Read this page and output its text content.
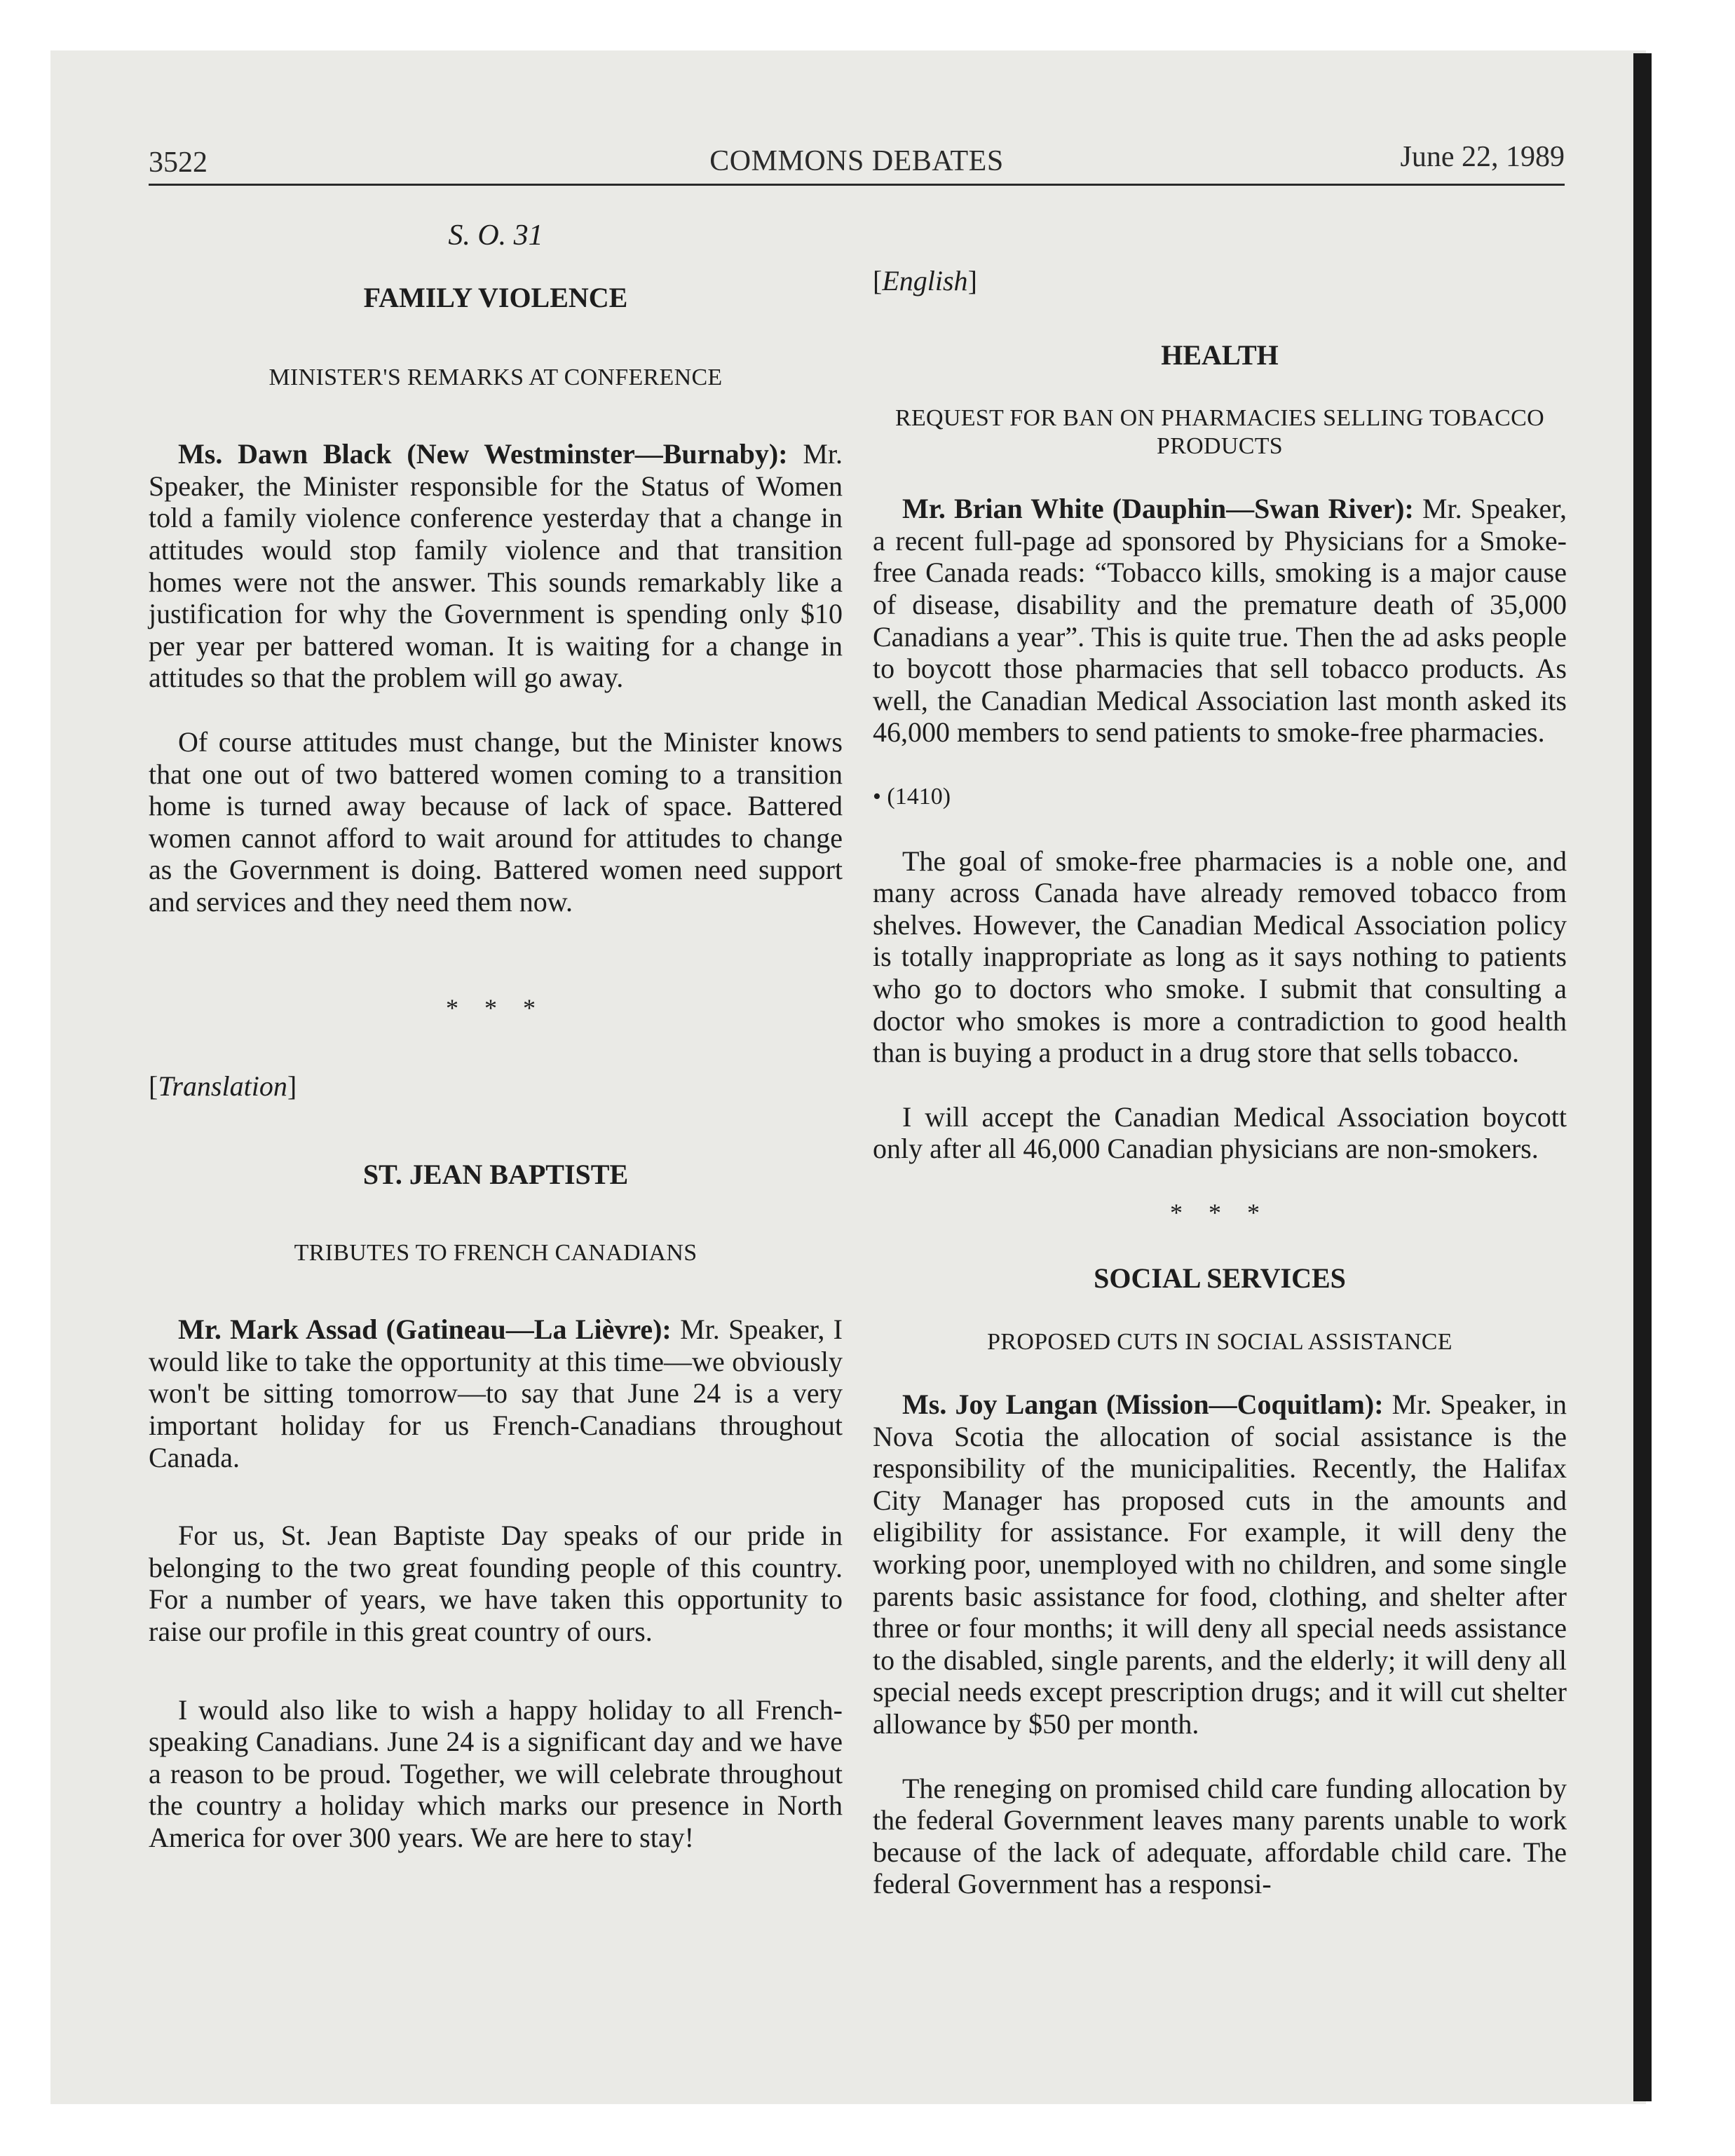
3522	COMMONS DEBATES	June 22, 1989

S. O. 31

FAMILY VIOLENCE

MINISTER'S REMARKS AT CONFERENCE

Ms. Dawn Black (New Westminster—Burnaby): Mr. Speaker, the Minister responsible for the Status of Women told a family violence conference yesterday that a change in attitudes would stop family violence and that transition homes were not the answer. This sounds remarkably like a justification for why the Government is spending only $10 per year per battered woman. It is waiting for a change in attitudes so that the problem will go away.

Of course attitudes must change, but the Minister knows that one out of two battered women coming to a transition home is turned away because of lack of space. Battered women cannot afford to wait around for attitudes to change as the Government is doing. Battered women need support and services and they need them now.

* * *

[Translation]

ST. JEAN BAPTISTE

TRIBUTES TO FRENCH CANADIANS

Mr. Mark Assad (Gatineau—La Lièvre): Mr. Speaker, I would like to take the opportunity at this time—we obviously won't be sitting tomorrow—to say that June 24 is a very important holiday for us French-Canadians throughout Canada.

For us, St. Jean Baptiste Day speaks of our pride in belonging to the two great founding people of this country. For a number of years, we have taken this opportunity to raise our profile in this great country of ours.

I would also like to wish a happy holiday to all French-speaking Canadians. June 24 is a significant day and we have a reason to be proud. Together, we will celebrate throughout the country a holiday which marks our presence in North America for over 300 years. We are here to stay!

[English]

HEALTH

REQUEST FOR BAN ON PHARMACIES SELLING TOBACCO PRODUCTS

Mr. Brian White (Dauphin—Swan River): Mr. Speaker, a recent full-page ad sponsored by Physicians for a Smoke-free Canada reads: “Tobacco kills, smoking is a major cause of disease, disability and the premature death of 35,000 Canadians a year”. This is quite true. Then the ad asks people to boycott those pharmacies that sell tobacco products. As well, the Canadian Medical Association last month asked its 46,000 members to send patients to smoke-free pharmacies.

• (1410)

The goal of smoke-free pharmacies is a noble one, and many across Canada have already removed tobacco from shelves. However, the Canadian Medical Association policy is totally inappropriate as long as it says nothing to patients who go to doctors who smoke. I submit that consulting a doctor who smokes is more a contradiction to good health than is buying a product in a drug store that sells tobacco.

I will accept the Canadian Medical Association boycott only after all 46,000 Canadian physicians are non-smokers.

* * *

SOCIAL SERVICES

PROPOSED CUTS IN SOCIAL ASSISTANCE

Ms. Joy Langan (Mission—Coquitlam): Mr. Speaker, in Nova Scotia the allocation of social assistance is the responsibility of the municipalities. Recently, the Halifax City Manager has proposed cuts in the amounts and eligibility for assistance. For example, it will deny the working poor, unemployed with no children, and some single parents basic assistance for food, clothing, and shelter after three or four months; it will deny all special needs assistance to the disabled, single parents, and the elderly; it will deny all special needs except prescription drugs; and it will cut shelter allowance by $50 per month.

The reneging on promised child care funding allocation by the federal Government leaves many parents unable to work because of the lack of adequate, affordable child care. The federal Government has a responsi-
